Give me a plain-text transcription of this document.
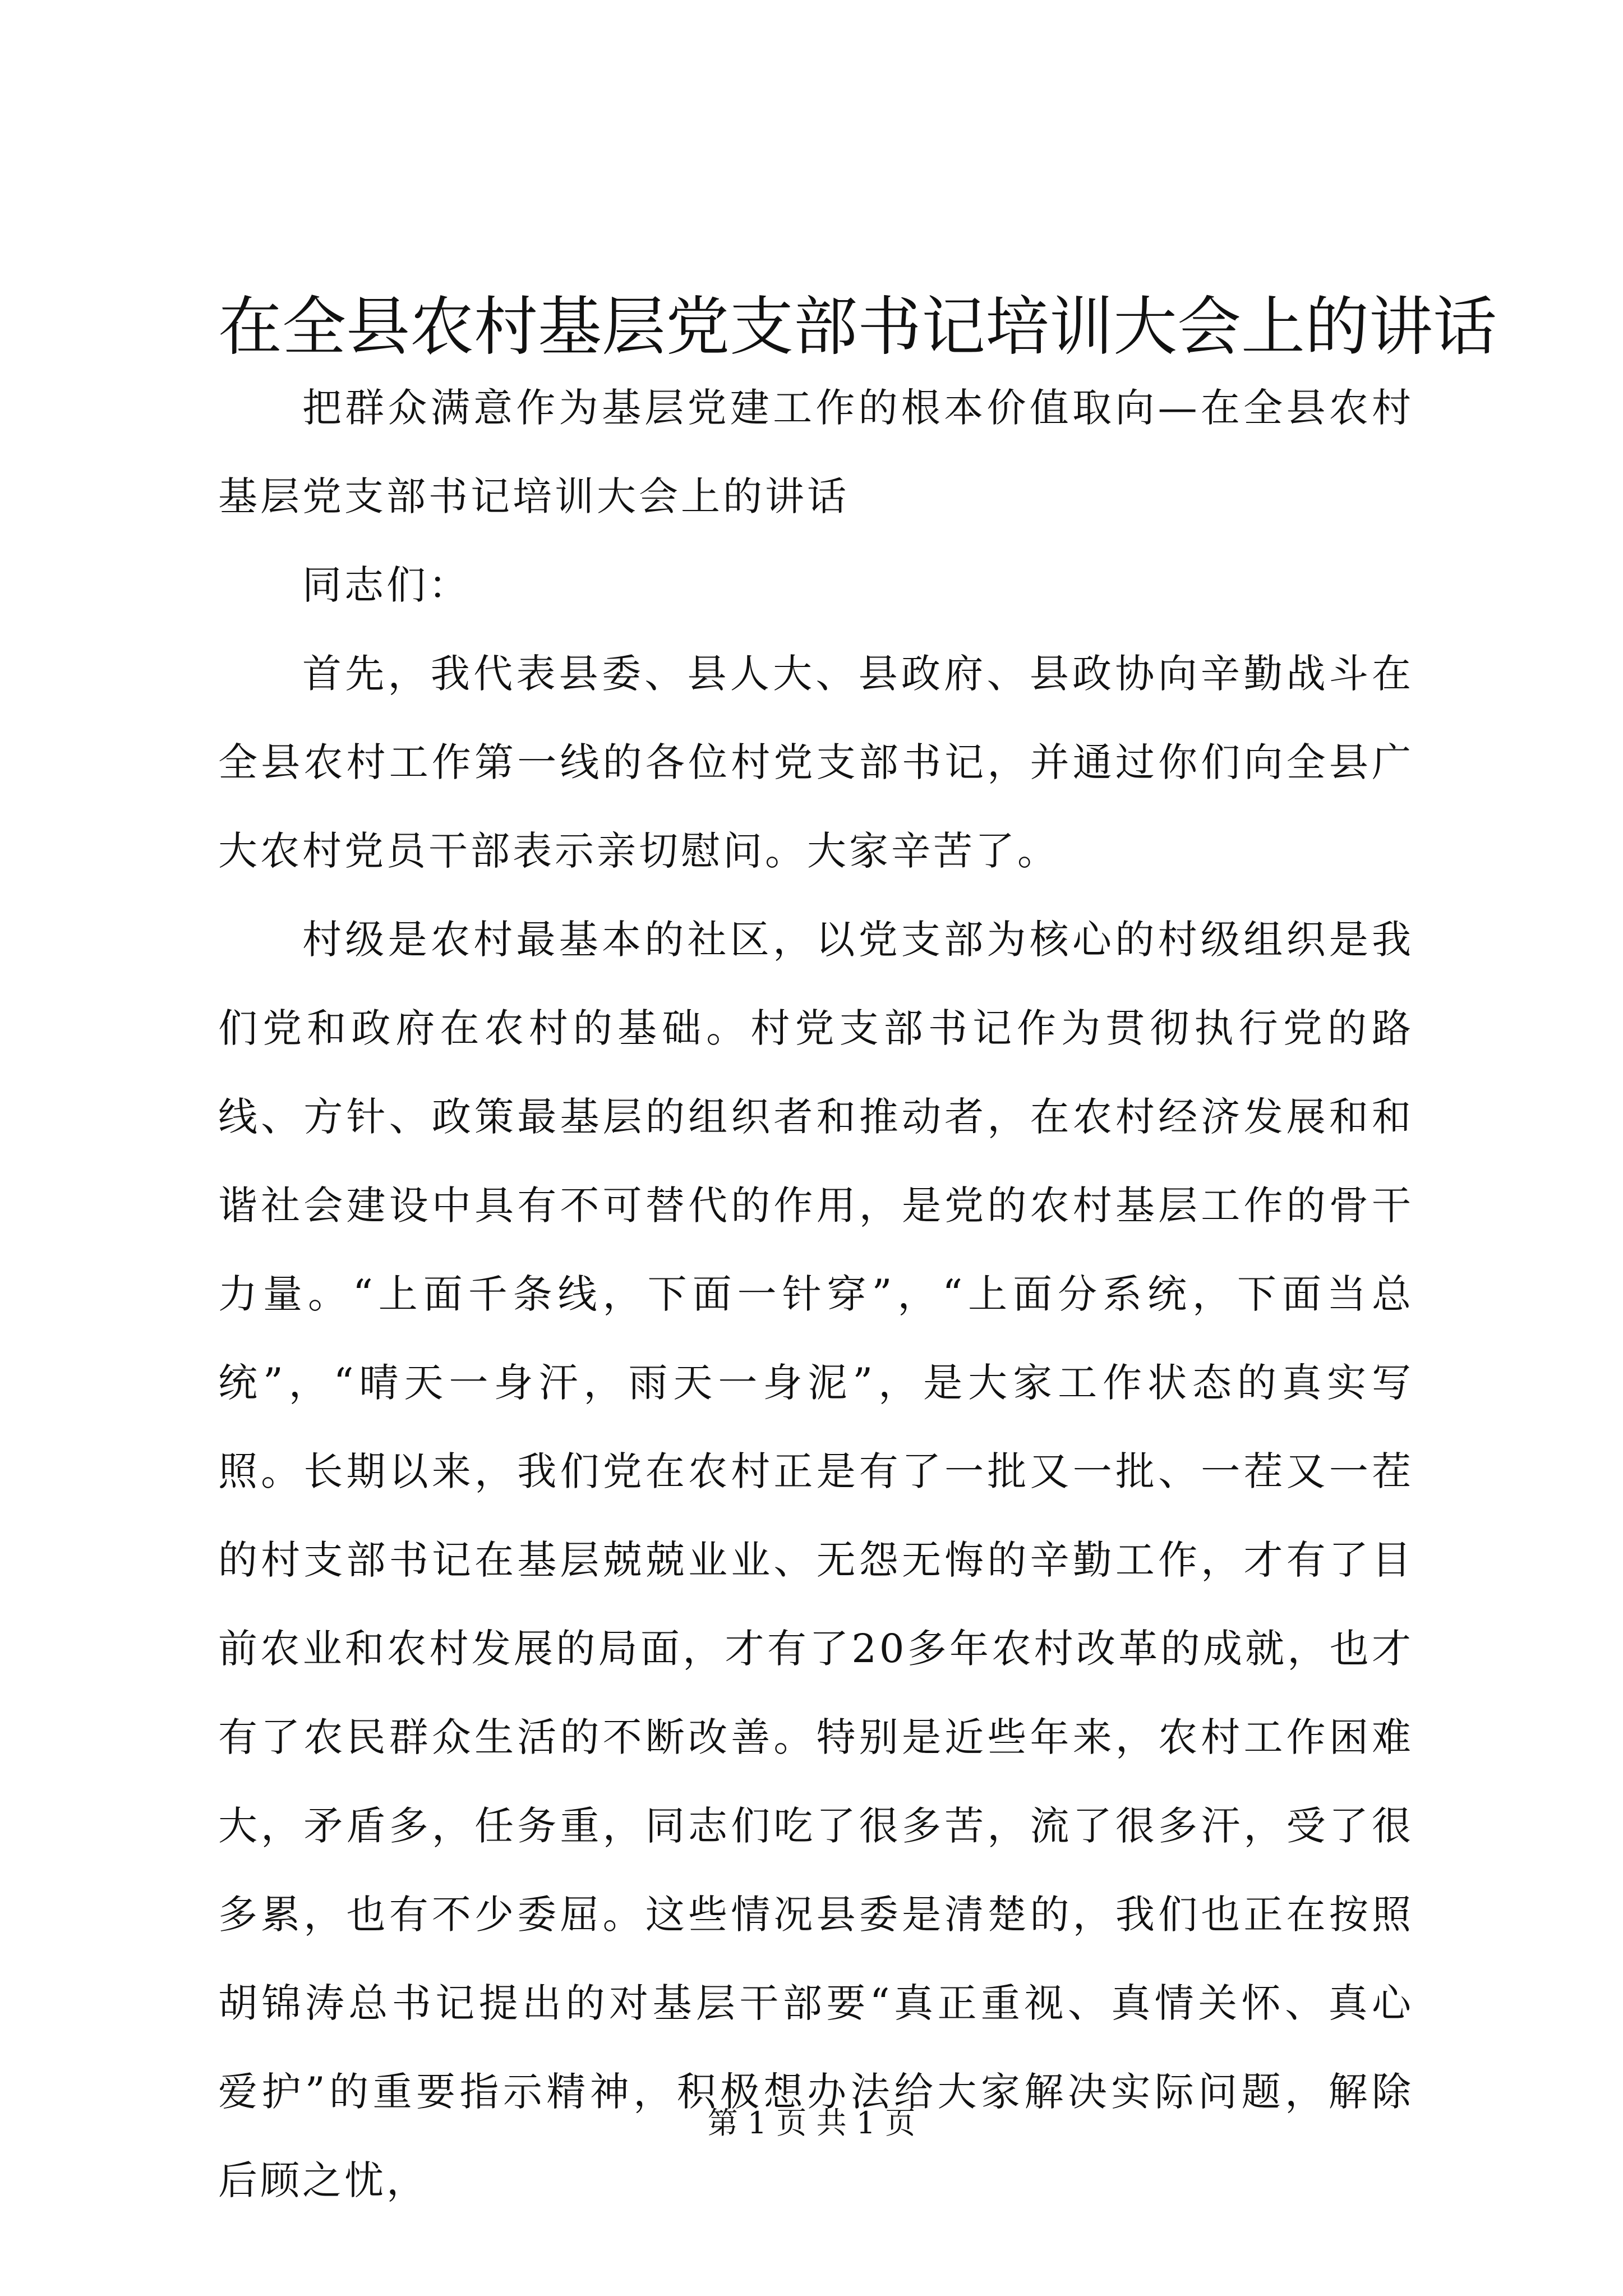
在全县农村基层党支部书记培训大会上的讲话

把群众满意作为基层党建工作的根本价值取向—在全县农村基层党支部书记培训大会上的讲话

同志们：

首先，我代表县委、县人大、县政府、县政协向辛勤战斗在全县农村工作第一线的各位村党支部书记，并通过你们向全县广大农村党员干部表示亲切慰问。大家辛苦了。

村级是农村最基本的社区，以党支部为核心的村级组织是我们党和政府在农村的基础。村党支部书记作为贯彻执行党的路线、方针、政策最基层的组织者和推动者，在农村经济发展和和谐社会建设中具有不可替代的作用，是党的农村基层工作的骨干力量。“上面千条线，下面一针穿”，“上面分系统，下面当总统”，“晴天一身汗，雨天一身泥”，是大家工作状态的真实写照。长期以来，我们党在农村正是有了一批又一批、一茬又一茬的村支部书记在基层兢兢业业、无怨无悔的辛勤工作，才有了目前农业和农村发展的局面，才有了20多年农村改革的成就，也才有了农民群众生活的不断改善。特别是近些年来，农村工作困难大，矛盾多，任务重，同志们吃了很多苦，流了很多汗，受了很多累，也有不少委屈。这些情况县委是清楚的，我们也正在按照胡锦涛总书记提出的对基层干部要“真正重视、真情关怀、真心爱护”的重要指示精神，积极想办法给大家解决实际问题，解除后顾之忧，

第 1 页 共 1 页
